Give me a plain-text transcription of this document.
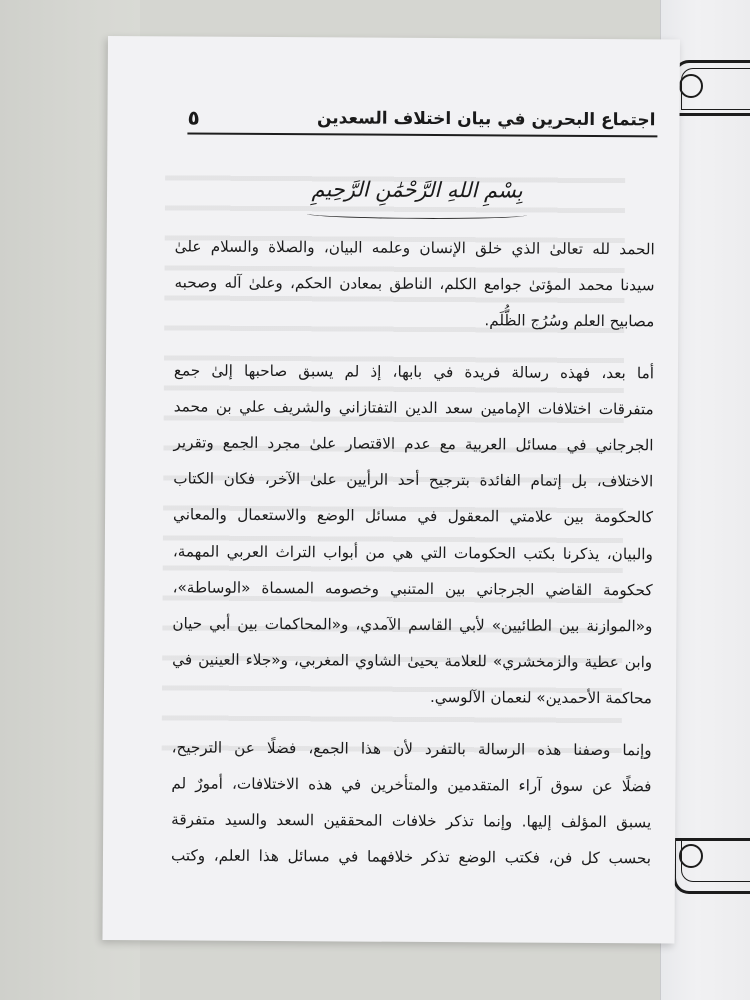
اجتماع البحرين في بيان اختلاف السعدين
٥
بِسْمِ اللهِ الرَّحْمَٰنِ الرَّحِيمِ

الحمد لله تعالىٰ الذي خلق الإنسان وعلمه البيان، والصلاة والسلام علىٰ
سيدنا محمد المؤتىٰ جوامع الكلم، الناطق بمعادن الحكم، وعلىٰ آله وصحبه
مصابيح العلم وسُرُج الظُّلَم.

أما بعد، فهذه رسالة فريدة في بابها، إذ لم يسبق صاحبها إلىٰ جمع
متفرقات اختلافات الإمامين سعد الدين التفتازاني والشريف علي بن محمد
الجرجاني في مسائل العربية مع عدم الاقتصار علىٰ مجرد الجمع وتقرير
الاختلاف، بل إتمام الفائدة بترجيح أحد الرأيين علىٰ الآخر، فكان الكتاب
كالحكومة بين علامتي المعقول في مسائل الوضع والاستعمال والمعاني
والبيان، يذكرنا بكتب الحكومات التي هي من أبواب التراث العربي المهمة،
كحكومة القاضي الجرجاني بين المتنبي وخصومه المسماة «الوساطة»،
و«الموازنة بين الطائيين» لأبي القاسم الآمدي، و«المحاكمات بين أبي حيان
وابن عطية والزمخشري» للعلامة يحيىٰ الشاوي المغربي، و«جلاء العينين في
محاكمة الأحمدين» لنعمان الآلوسي.

وإنما وصفنا هذه الرسالة بالتفرد لأن هذا الجمع، فضلًا عن الترجيح،
فضلًا عن سوق آراء المتقدمين والمتأخرين في هذه الاختلافات، أمورٌ لم
يسبق المؤلف إليها. وإنما تذكر خلافات المحققين السعد والسيد متفرقة
بحسب كل فن، فكتب الوضع تذكر خلافهما في مسائل هذا العلم، وكتب
